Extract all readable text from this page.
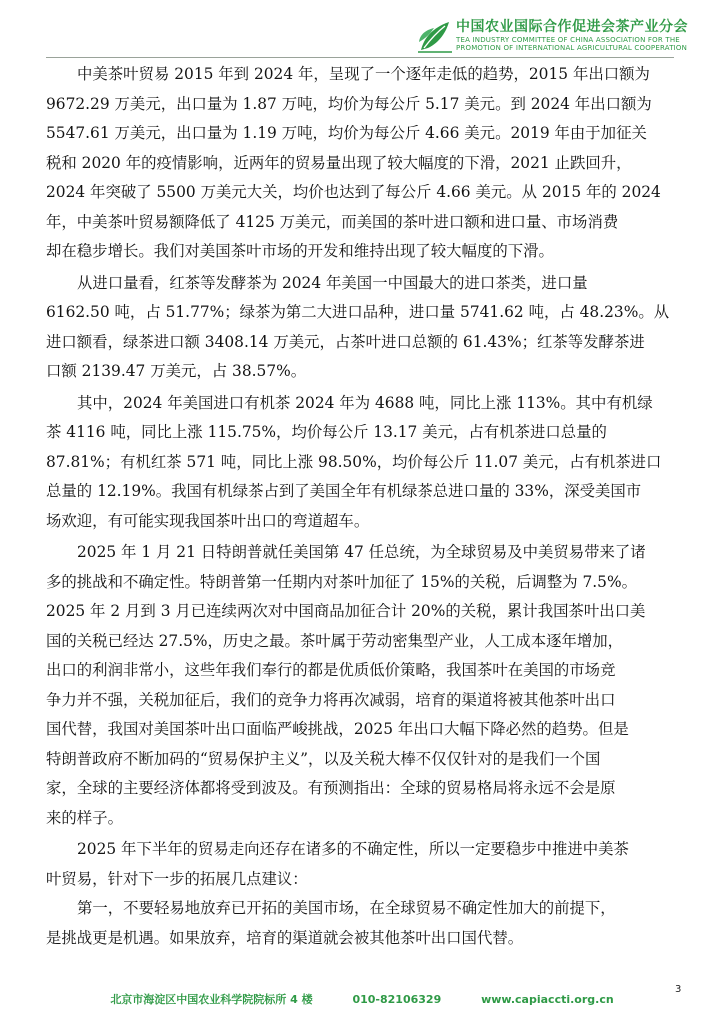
中国农业国际合作促进会茶产业分会
TEA INDUSTRY COMMITTEE OF CHINA ASSOCIATION FOR THE
PROMOTION OF INTERNATIONAL AGRICULTURAL COOPERATION
中美茶叶贸易 2015 年到 2024 年，呈现了一个逐年走低的趋势，2015 年出口额为
9672.29 万美元，出口量为 1.87 万吨，均价为每公斤 5.17 美元。到 2024 年出口额为
5547.61 万美元，出口量为 1.19 万吨，均价为每公斤 4.66 美元。2019 年由于加征关
税和 2020 年的疫情影响，近两年的贸易量出现了较大幅度的下滑，2021 止跌回升，
2024 年突破了 5500 万美元大关，均价也达到了每公斤 4.66 美元。从 2015 年的 2024
年，中美茶叶贸易额降低了 4125 万美元，而美国的茶叶进口额和进口量、市场消费
却在稳步增长。我们对美国茶叶市场的开发和维持出现了较大幅度的下滑。
从进口量看，红茶等发酵茶为 2024 年美国一中国最大的进口茶类，进口量
6162.50 吨，占 51.77%；绿茶为第二大进口品种，进口量 5741.62 吨，占 48.23%。从
进口额看，绿茶进口额 3408.14 万美元，占茶叶进口总额的 61.43%；红茶等发酵茶进
口额 2139.47 万美元，占 38.57%。
其中，2024 年美国进口有机茶 2024 年为 4688 吨，同比上涨 113%。其中有机绿
茶 4116 吨，同比上涨 115.75%，均价每公斤 13.17 美元，占有机茶进口总量的
87.81%；有机红茶 571 吨，同比上涨 98.50%，均价每公斤 11.07 美元，占有机茶进口
总量的 12.19%。我国有机绿茶占到了美国全年有机绿茶总进口量的 33%，深受美国市
场欢迎，有可能实现我国茶叶出口的弯道超车。
2025 年 1 月 21 日特朗普就任美国第 47 任总统，为全球贸易及中美贸易带来了诸
多的挑战和不确定性。特朗普第一任期内对茶叶加征了 15%的关税，后调整为 7.5%。
2025 年 2 月到 3 月已连续两次对中国商品加征合计 20%的关税，累计我国茶叶出口美
国的关税已经达 27.5%，历史之最。茶叶属于劳动密集型产业，人工成本逐年增加，
出口的利润非常小，这些年我们奉行的都是优质低价策略，我国茶叶在美国的市场竞
争力并不强，关税加征后，我们的竞争力将再次减弱，培育的渠道将被其他茶叶出口
国代替，我国对美国茶叶出口面临严峻挑战，2025 年出口大幅下降必然的趋势。但是
特朗普政府不断加码的“贸易保护主义”，以及关税大棒不仅仅针对的是我们一个国
家，全球的主要经济体都将受到波及。有预测指出：全球的贸易格局将永远不会是原
来的样子。
2025 年下半年的贸易走向还存在诸多的不确定性，所以一定要稳步中推进中美茶
叶贸易，针对下一步的拓展几点建议：
第一，不要轻易地放弃已开拓的美国市场，在全球贸易不确定性加大的前提下，
是挑战更是机遇。如果放弃，培育的渠道就会被其他茶叶出口国代替。
3
北京市海淀区中国农业科学院院标所 4 楼	010-82106329	www.capiaccti.org.cn
